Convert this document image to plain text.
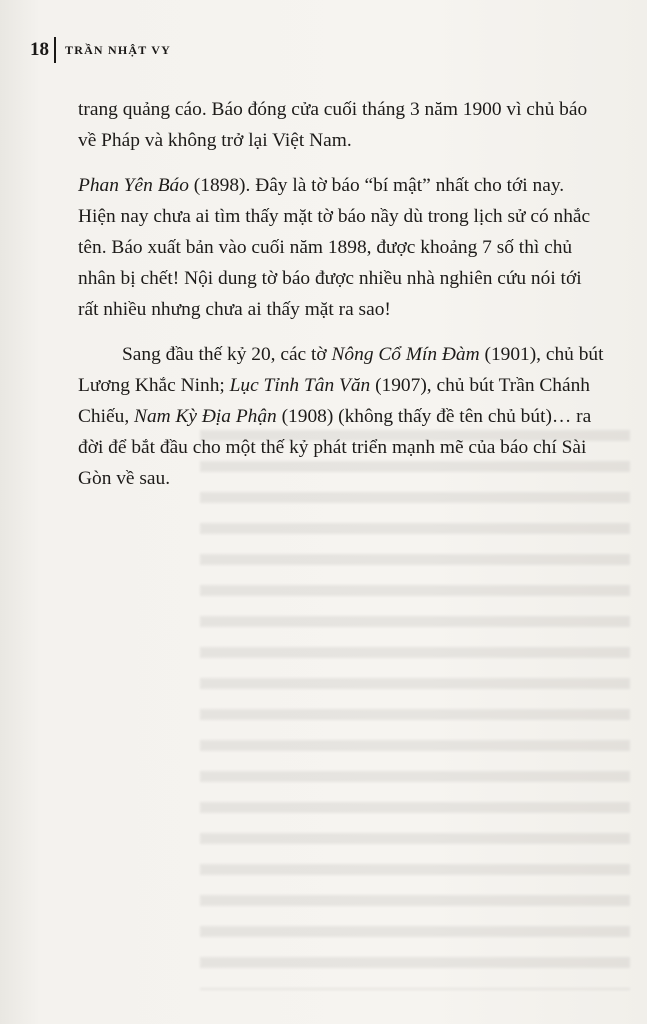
18 TRẦN NHẬT VY

trang quảng cáo. Báo đóng cửa cuối tháng 3 năm 1900 vì chủ báo
về Pháp và không trở lại Việt Nam.

Phan Yên Báo (1898). Đây là tờ báo “bí mật” nhất cho tới nay.
Hiện nay chưa ai tìm thấy mặt tờ báo nầy dù trong lịch sử có nhắc
tên. Báo xuất bản vào cuối năm 1898, được khoảng 7 số thì chủ
nhân bị chết! Nội dung tờ báo được nhiều nhà nghiên cứu nói tới
rất nhiều nhưng chưa ai thấy mặt ra sao!

Sang đầu thế kỷ 20, các tờ Nông Cổ Mín Đàm (1901), chủ bút
Lương Khắc Ninh; Lục Tỉnh Tân Văn (1907), chủ bút Trần Chánh
Chiếu, Nam Kỳ Địa Phận (1908) (không thấy đề tên chủ bút)… ra
đời để bắt đầu cho một thế kỷ phát triển mạnh mẽ của báo chí Sài
Gòn về sau.
